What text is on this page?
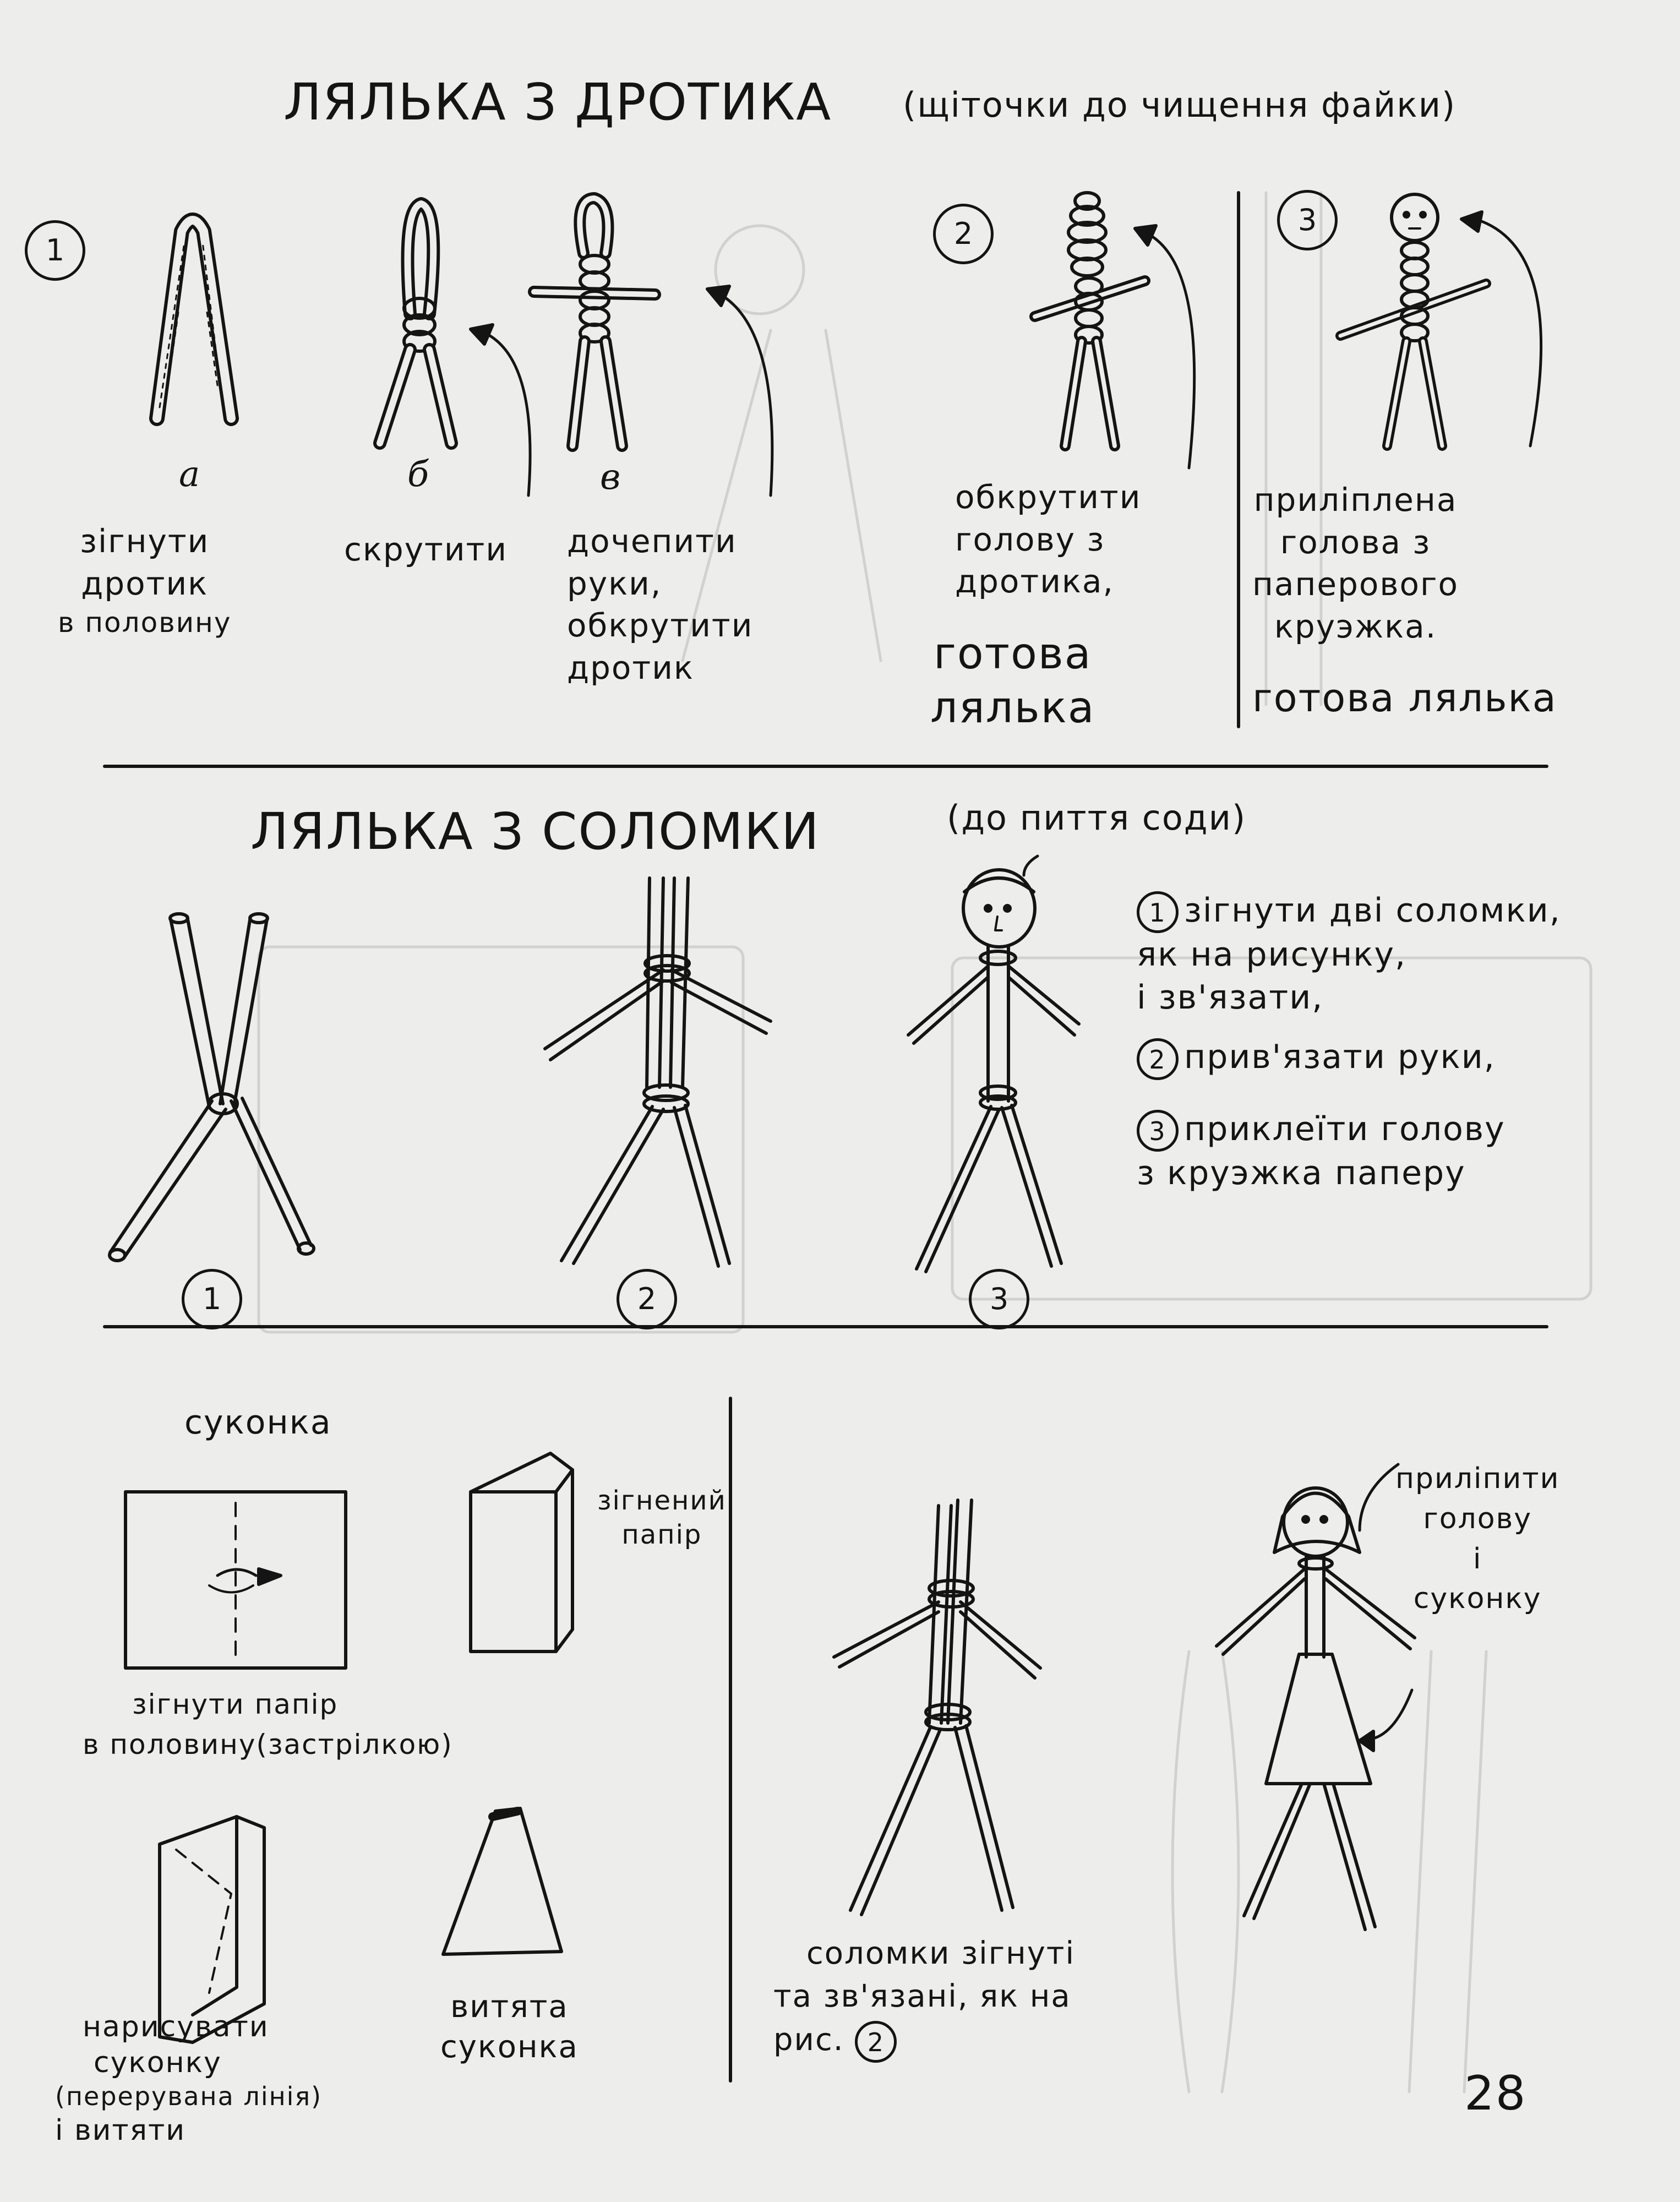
ЛЯЛЬКА З ДРОТИКА (щіточки до чищення файки)
1
а	б	в
зігнути
дротик
в половину
скрутити дочепити
руки,
обкрутити
дротик
2
обкрутити
голову з
дротика,
готова
лялька
3
приліплена
голова з
паперового
круэжка.
готова лялька
ЛЯЛЬКА З СОЛОМКИ	(до пиття соди)
1	2	3
1 зігнути дві соломки,
як на рисунку,
і зв'язати,
2 прив'язати руки,
3 приклеїти голову
з круэжка паперу
суконка
зігнений
папір
зігнути папір
в половину(застрілкою)
нарисувати
суконку
(перерувана лінія)
і витяти
витята
суконка
соломки зігнуті
та зв'язані, як на
рис. 2
приліпити
голову
і
суконку
28
